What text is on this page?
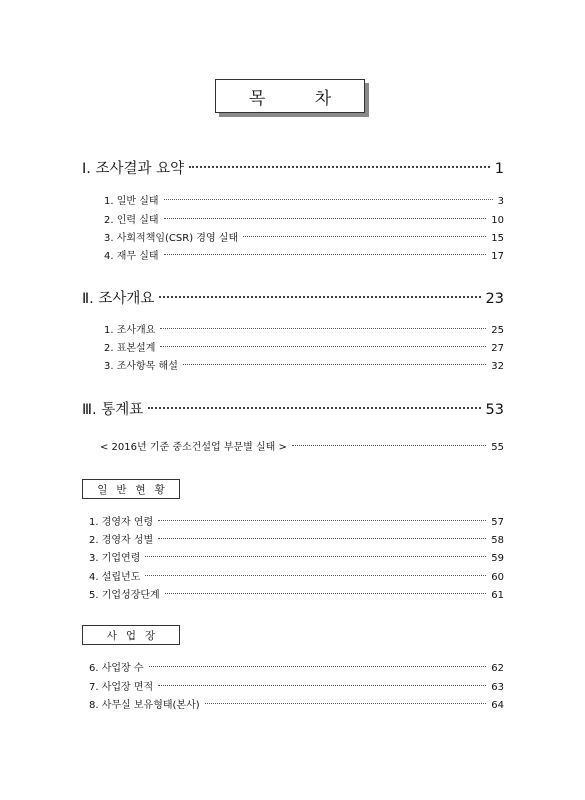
목 차
Ⅰ. 조사결과 요약	1
1. 일반 실태	3
2. 인력 실태	10
3. 사회적책임(CSR) 경영 실태	15
4. 재무 실태	17
Ⅱ. 조사개요	23
1. 조사개요	25
2. 표본설계	27
3. 조사항목 해설	32
Ⅲ. 통계표	53
< 2016년 기준 중소건설업 부문별 실태 >	55
일반현황
1. 경영자 연령	57
2. 경영자 성별	58
3. 기업연령	59
4. 설립년도	60
5. 기업성장단계	61
사업장
6. 사업장 수	62
7. 사업장 면적	63
8. 사무실 보유형태(본사)	64
